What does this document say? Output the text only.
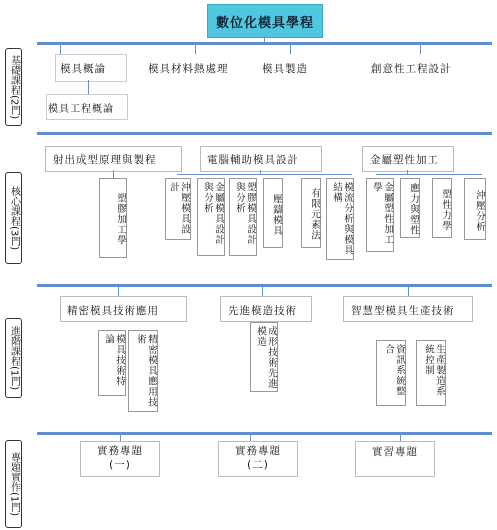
數位化模具學程
基礎課程(2門)	模具概論	模具材料熱處理	模具製造	創意性工程設計
模具工程概論
核心課程(3門)
射出成型原理與製程
塑膠加工學
電腦輔助模具設計
沖壓模具設計	金屬模具設計與分析	塑膠模具設計與分析	壓鑄模具	有限元素法	模流分析與模具結構
金屬塑性加工
金屬塑性加工學	應力與塑性	塑性力學	沖壓分析
進階課程(1門)
精密模具技術應用
模具技術特論	精密模具應用技術
先進模造技術
成形技術先進模造
智慧型模具生產技術
資訊系統整合	生產製造系統控制
專題實作(1門)
實務專題(一)
實務專題(二)
實習專題
